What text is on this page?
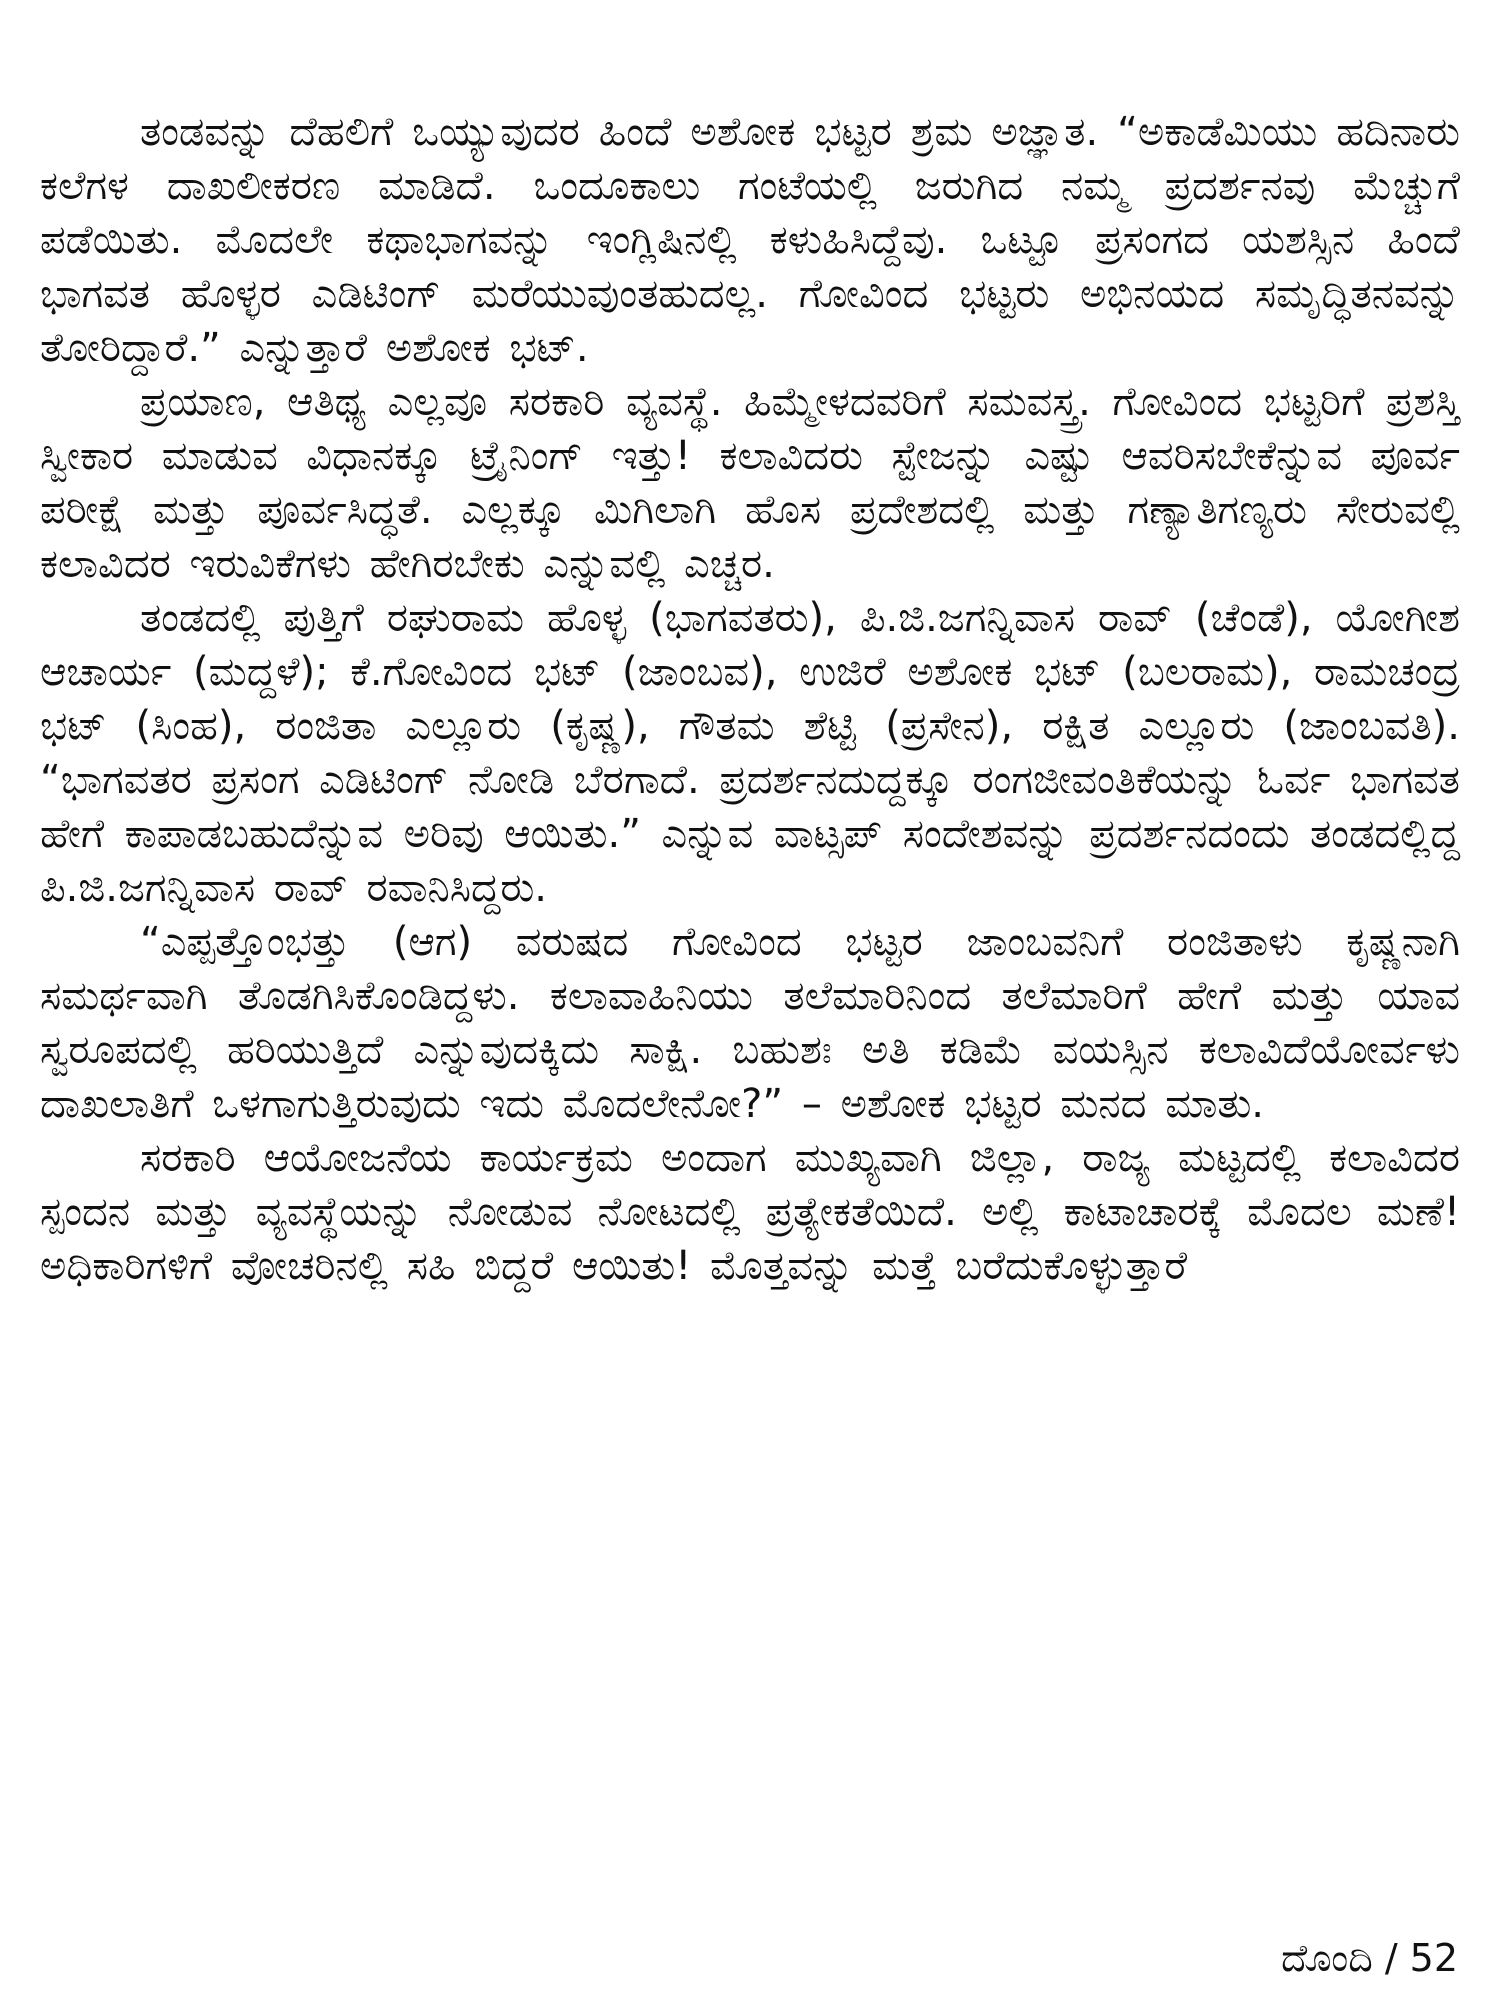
ತಂಡವನ್ನು ದೆಹಲಿಗೆ ಒಯ್ಯುವುದರ ಹಿಂದೆ ಅಶೋಕ ಭಟ್ಟರ ಶ್ರಮ ಅಜ್ಞಾತ. “ಅಕಾಡೆಮಿಯು ಹದಿನಾರು ಕಲೆಗಳ ದಾಖಲೀಕರಣ ಮಾಡಿದೆ. ಒಂದೂಕಾಲು ಗಂಟೆಯಲ್ಲಿ ಜರುಗಿದ ನಮ್ಮ ಪ್ರದರ್ಶನವು ಮೆಚ್ಚುಗೆ ಪಡೆಯಿತು. ಮೊದಲೇ ಕಥಾಭಾಗವನ್ನು ಇಂಗ್ಲಿಷಿನಲ್ಲಿ ಕಳುಹಿಸಿದ್ದೆವು. ಒಟ್ಟೂ ಪ್ರಸಂಗದ ಯಶಸ್ಸಿನ ಹಿಂದೆ ಭಾಗವತ ಹೊಳ್ಳರ ಎಡಿಟಿಂಗ್ ಮರೆಯುವುಂತಹುದಲ್ಲ. ಗೋವಿಂದ ಭಟ್ಟರು ಅಭಿನಯದ ಸಮೃದ್ಧಿತನವನ್ನು ತೋರಿದ್ದಾರೆ.” ಎನ್ನುತ್ತಾರೆ ಅಶೋಕ ಭಟ್.

ಪ್ರಯಾಣ, ಆತಿಥ್ಯ ಎಲ್ಲವೂ ಸರಕಾರಿ ವ್ಯವಸ್ಥೆ. ಹಿಮ್ಮೇಳದವರಿಗೆ ಸಮವಸ್ತ್ರ. ಗೋವಿಂದ ಭಟ್ಟರಿಗೆ ಪ್ರಶಸ್ತಿ ಸ್ವೀಕಾರ ಮಾಡುವ ವಿಧಾನಕ್ಕೂ ಟ್ರೈನಿಂಗ್ ಇತ್ತು! ಕಲಾವಿದರು ಸ್ಟೇಜನ್ನು ಎಷ್ಟು ಆವರಿಸಬೇಕೆನ್ನುವ ಪೂರ್ವ ಪರೀಕ್ಷೆ ಮತ್ತು ಪೂರ್ವಸಿದ್ಧತೆ. ಎಲ್ಲಕ್ಕೂ ಮಿಗಿಲಾಗಿ ಹೊಸ ಪ್ರದೇಶದಲ್ಲಿ ಮತ್ತು ಗಣ್ಯಾತಿಗಣ್ಯರು ಸೇರುವಲ್ಲಿ ಕಲಾವಿದರ ಇರುವಿಕೆಗಳು ಹೇಗಿರಬೇಕು ಎನ್ನುವಲ್ಲಿ ಎಚ್ಚರ.

ತಂಡದಲ್ಲಿ ಪುತ್ತಿಗೆ ರಘುರಾಮ ಹೊಳ್ಳ (ಭಾಗವತರು), ಪಿ.ಜಿ.ಜಗನ್ನಿವಾಸ ರಾವ್ (ಚೆಂಡೆ), ಯೋಗೀಶ ಆಚಾರ್ಯ (ಮದ್ದಳೆ); ಕೆ.ಗೋವಿಂದ ಭಟ್ (ಜಾಂಬವ), ಉಜಿರೆ ಅಶೋಕ ಭಟ್ (ಬಲರಾಮ), ರಾಮಚಂದ್ರ ಭಟ್ (ಸಿಂಹ), ರಂಜಿತಾ ಎಲ್ಲೂರು (ಕೃಷ್ಣ), ಗೌತಮ ಶೆಟ್ಟಿ (ಪ್ರಸೇನ), ರಕ್ಷಿತ ಎಲ್ಲೂರು (ಜಾಂಬವತಿ). “ಭಾಗವತರ ಪ್ರಸಂಗ ಎಡಿಟಿಂಗ್ ನೋಡಿ ಬೆರಗಾದೆ. ಪ್ರದರ್ಶನದುದ್ದಕ್ಕೂ ರಂಗಜೀವಂತಿಕೆಯನ್ನು ಓರ್ವ ಭಾಗವತ ಹೇಗೆ ಕಾಪಾಡಬಹುದೆನ್ನುವ ಅರಿವು ಆಯಿತು.” ಎನ್ನುವ ವಾಟ್ಸಪ್ ಸಂದೇಶವನ್ನು ಪ್ರದರ್ಶನದಂದು ತಂಡದಲ್ಲಿದ್ದ ಪಿ.ಜಿ.ಜಗನ್ನಿವಾಸ ರಾವ್ ರವಾನಿಸಿದ್ದರು.

“ಎಪ್ಪತ್ತೊಂಭತ್ತು (ಆಗ) ವರುಷದ ಗೋವಿಂದ ಭಟ್ಟರ ಜಾಂಬವನಿಗೆ ರಂಜಿತಾಳು ಕೃಷ್ಣನಾಗಿ ಸಮರ್ಥವಾಗಿ ತೊಡಗಿಸಿಕೊಂಡಿದ್ದಳು. ಕಲಾವಾಹಿನಿಯು ತಲೆಮಾರಿನಿಂದ ತಲೆಮಾರಿಗೆ ಹೇಗೆ ಮತ್ತು ಯಾವ ಸ್ವರೂಪದಲ್ಲಿ ಹರಿಯುತ್ತಿದೆ ಎನ್ನುವುದಕ್ಕಿದು ಸಾಕ್ಷಿ. ಬಹುಶಃ ಅತಿ ಕಡಿಮೆ ವಯಸ್ಸಿನ ಕಲಾವಿದೆಯೋರ್ವಳು ದಾಖಲಾತಿಗೆ ಒಳಗಾಗುತ್ತಿರುವುದು ಇದು ಮೊದಲೇನೋ?” – ಅಶೋಕ ಭಟ್ಟರ ಮನದ ಮಾತು.

ಸರಕಾರಿ ಆಯೋಜನೆಯ ಕಾರ್ಯಕ್ರಮ ಅಂದಾಗ ಮುಖ್ಯವಾಗಿ ಜಿಲ್ಲಾ, ರಾಜ್ಯ ಮಟ್ಟದಲ್ಲಿ ಕಲಾವಿದರ ಸ್ಪಂದನ ಮತ್ತು ವ್ಯವಸ್ಥೆಯನ್ನು ನೋಡುವ ನೋಟದಲ್ಲಿ ಪ್ರತ್ಯೇಕತೆಯಿದೆ. ಅಲ್ಲಿ ಕಾಟಾಚಾರಕ್ಕೆ ಮೊದಲ ಮಣೆ! ಅಧಿಕಾರಿಗಳಿಗೆ ವೋಚರಿನಲ್ಲಿ ಸಹಿ ಬಿದ್ದರೆ ಆಯಿತು! ಮೊತ್ತವನ್ನು ಮತ್ತೆ ಬರೆದುಕೊಳ್ಳುತ್ತಾರೆ

ದೊಂದಿ / 52
